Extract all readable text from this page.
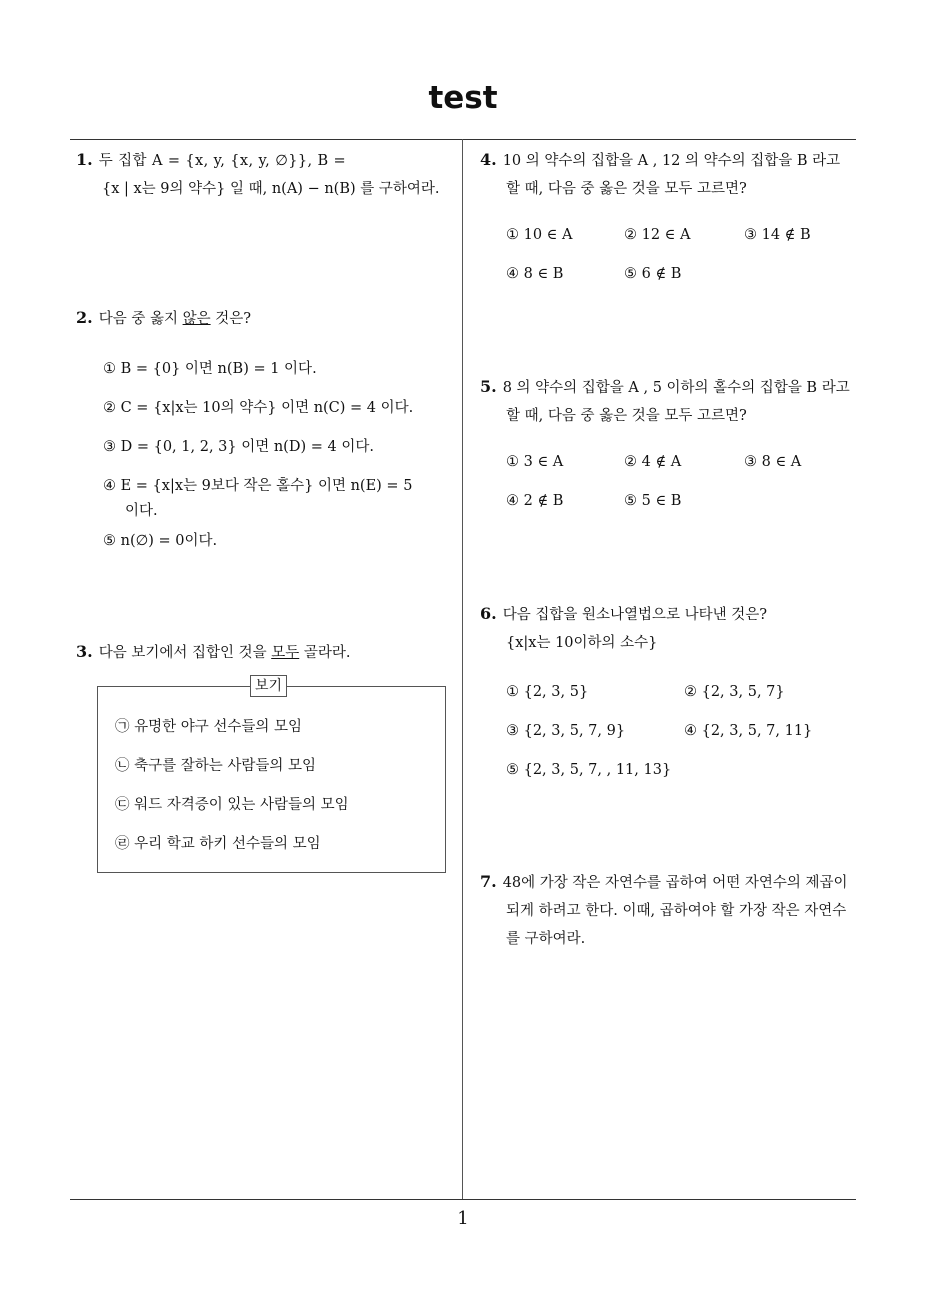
test
1
1. 두 집합 A = {x, y, {x, y, ∅}}, B =
{x | x는 9의 약수} 일 때, n(A) − n(B) 를 구하여라.
2. 다음 중 옳지 않은 것은?
① B = {0} 이면 n(B) = 1 이다.
② C = {x|x는 10의 약수} 이면 n(C) = 4 이다.
③ D = {0, 1, 2, 3} 이면 n(D) = 4 이다.
④ E = {x|x는 9보다 작은 홀수} 이면 n(E) = 5
이다.
⑤ n(∅) = 0이다.
3. 다음 보기에서 집합인 것을 모두 골라라.
보기
㉠ 유명한 야구 선수들의 모임
㉡ 축구를 잘하는 사람들의 모임
㉢ 워드 자격증이 있는 사람들의 모임
㉣ 우리 학교 하키 선수들의 모임
4. 10 의 약수의 집합을 A , 12 의 약수의 집합을 B 라고
할 때, 다음 중 옳은 것을 모두 고르면?
① 10 ∈ A	② 12 ∈ A	③ 14 ∉ B
④ 8 ∈ B	⑤ 6 ∉ B
5. 8 의 약수의 집합을 A , 5 이하의 홀수의 집합을 B 라고
할 때, 다음 중 옳은 것을 모두 고르면?
① 3 ∈ A	② 4 ∉ A	③ 8 ∈ A
④ 2 ∉ B	⑤ 5 ∈ B
6. 다음 집합을 원소나열법으로 나타낸 것은?
{x|x는 10이하의 소수}
① {2, 3, 5}	② {2, 3, 5, 7}
③ {2, 3, 5, 7, 9}	④ {2, 3, 5, 7, 11}
⑤ {2, 3, 5, 7, , 11, 13}
7. 48에 가장 작은 자연수를 곱하여 어떤 자연수의 제곱이
되게 하려고 한다. 이때, 곱하여야 할 가장 작은 자연수
를 구하여라.
